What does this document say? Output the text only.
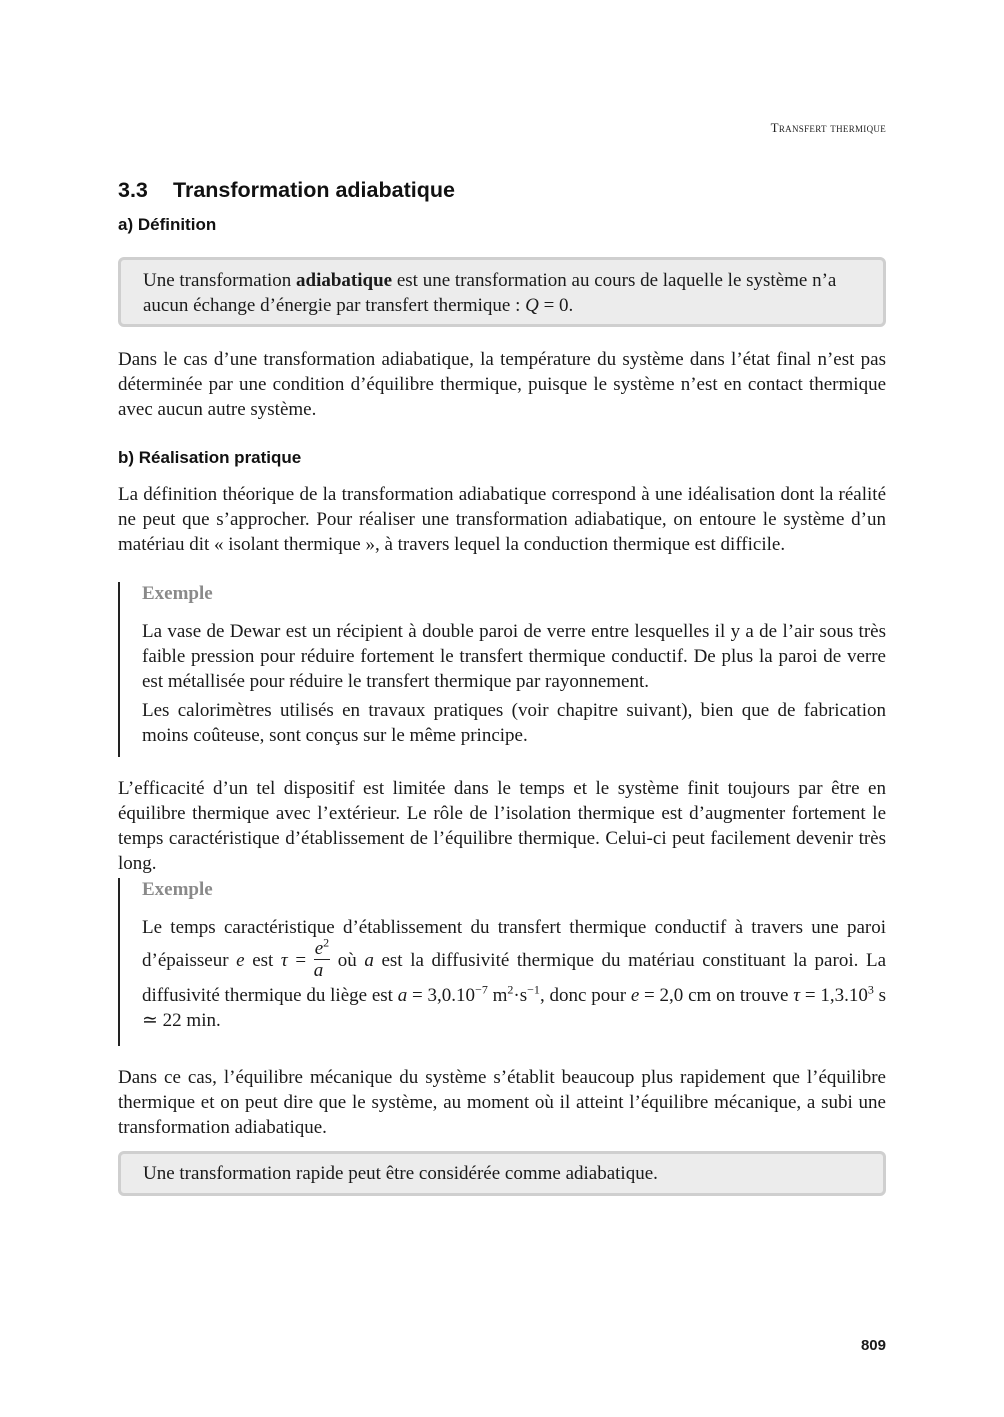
Transfert thermique
3.3 Transformation adiabatique
a) Définition
Une transformation adiabatique est une transformation au cours de laquelle le système n’a aucun échange d’énergie par transfert thermique : Q = 0.

Dans le cas d’une transformation adiabatique, la température du système dans l’état final n’est pas déterminée par une condition d’équilibre thermique, puisque le système n’est en contact thermique avec aucun autre système.

b) Réalisation pratique

La définition théorique de la transformation adiabatique correspond à une idéalisation dont la réalité ne peut que s’approcher. Pour réaliser une transformation adiabatique, on entoure le système d’un matériau dit « isolant thermique », à travers lequel la conduction thermique est difficile.

Exemple

La vase de Dewar est un récipient à double paroi de verre entre lesquelles il y a de l’air sous très faible pression pour réduire fortement le transfert thermique conductif. De plus la paroi de verre est métallisée pour réduire le transfert thermique par rayonnement.

Les calorimètres utilisés en travaux pratiques (voir chapitre suivant), bien que de fabrication moins coûteuse, sont conçus sur le même principe.

L’efficacité d’un tel dispositif est limitée dans le temps et le système finit toujours par être en équilibre thermique avec l’extérieur. Le rôle de l’isolation thermique est d’augmenter fortement le temps caractéristique d’établissement de l’équilibre thermique. Celui-ci peut facilement devenir très long.

Exemple

Le temps caractéristique d’établissement du transfert thermique conductif à travers une paroi d’épaisseur e est $\tau = \frac{e^2}{a}$ où a est la diffusivité thermique du matériau constituant la paroi. La diffusivité thermique du liège est $a = 3,0.10^{-7}$ $m^2\cdot s^{-1}$, donc pour e = 2,0 cm on trouve $\tau = 1,3.10^3$ s ≃ 22 min.

Dans ce cas, l’équilibre mécanique du système s’établit beaucoup plus rapidement que l’équilibre thermique et on peut dire que le système, au moment où il atteint l’équilibre mécanique, a subi une transformation adiabatique.

Une transformation rapide peut être considérée comme adiabatique.
809
